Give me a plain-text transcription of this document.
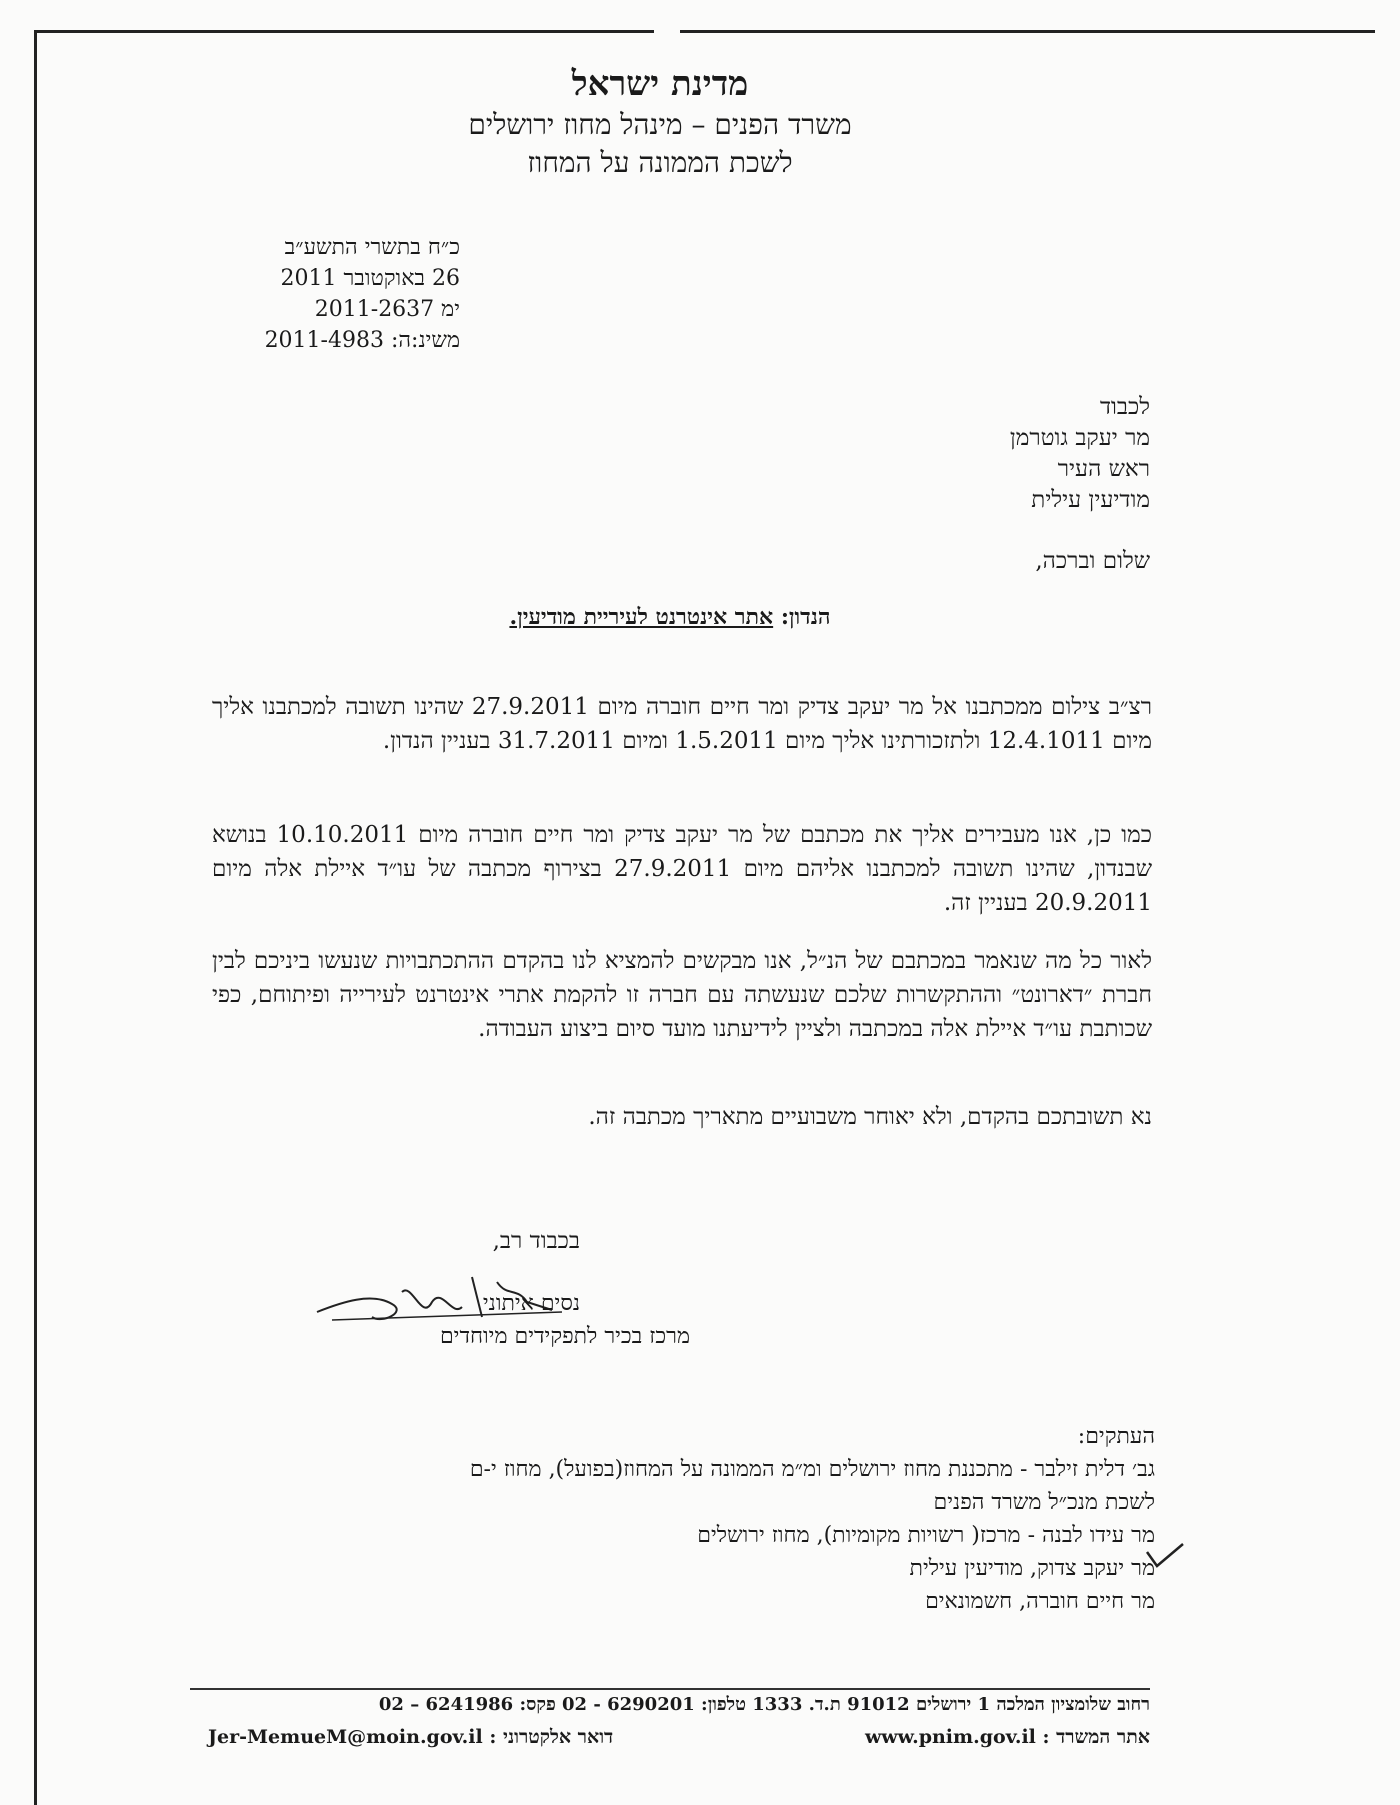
מדינת ישראל
משרד הפנים – מינהל מחוז ירושלים
לשכת הממונה על המחוז
כ״ח בתשרי התשע״ב
26 באוקטובר 2011
ימ 2011-2637
משינ:ה: 2011-4983
לכבוד
מר יעקב גוטרמן
ראש העיר
מודיעין עילית
שלום וברכה,
הנדון: אתר אינטרנט לעיריית מודיעין.
רצ״ב צילום ממכתבנו אל מר יעקב צדיק ומר חיים חוברה מיום 27.9.2011 שהינו תשובה למכתבנו אליך מיום 12.4.1011 ולתזכורתינו אליך מיום 1.5.2011 ומיום 31.7.2011 בעניין הנדון.
כמו כן, אנו מעבירים אליך את מכתבם של מר יעקב צדיק ומר חיים חוברה מיום 10.10.2011 בנושא שבנדון, שהינו תשובה למכתבנו אליהם מיום 27.9.2011 בצירוף מכתבה של עו״ד איילת אלה מיום 20.9.2011 בעניין זה.
לאור כל מה שנאמר במכתבם של הנ״ל, אנו מבקשים להמציא לנו בהקדם ההתכתבויות שנעשו ביניכם לבין חברת ״דארונט״ וההתקשרות שלכם שנעשתה עם חברה זו להקמת אתרי אינטרנט לעירייה ופיתוחם, כפי שכותבת עו״ד איילת אלה במכתבה ולציין לידיעתנו מועד סיום ביצוע העבודה.
נא תשובתכם בהקדם, ולא יאוחר משבועיים מתאריך מכתבה זה.
בכבוד רב,
נסים איתוני
מרכז בכיר לתפקידים מיוחדים
העתקים:
גב׳ דלית זילבר - מתכננת מחוז ירושלים ומ״מ הממונה על המחוז(בפועל), מחוז י-ם
לשכת מנכ״ל משרד הפנים
מר עידו לבנה - מרכז( רשויות מקומיות), מחוז ירושלים
מר יעקב צדוק, מודיעין עילית
מר חיים חוברה, חשמונאים
רחוב שלומציון המלכה 1 ירושלים 91012 ת.ד. 1333 טלפון: 6290201 - 02 פקס: 6241986 – 02
אתר המשרד : www.pnim.gov.il
דואר אלקטרוני : Jer-MemueM@moin.gov.il
